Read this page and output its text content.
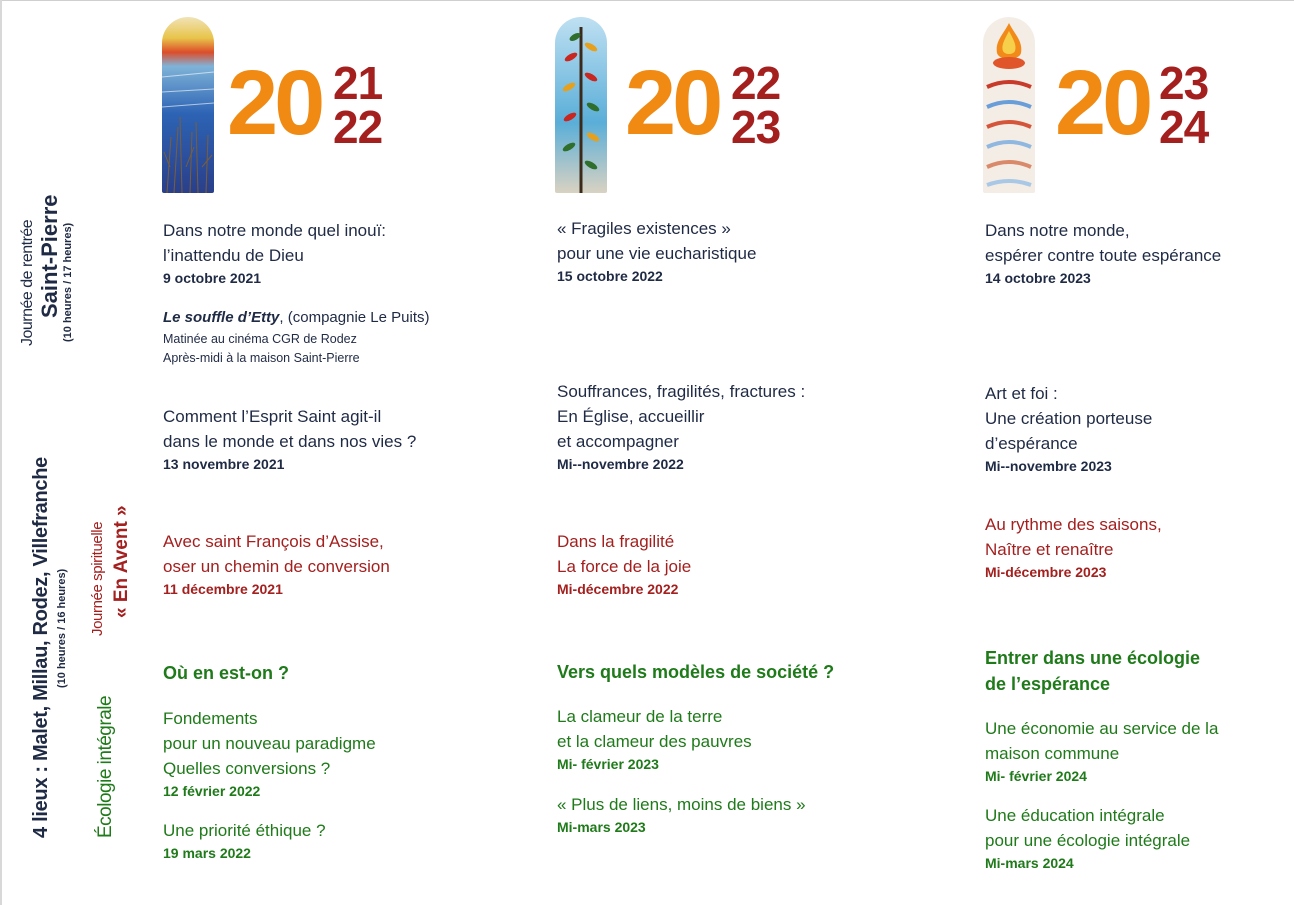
Journée de rentrée Saint-Pierre (10 heures / 17 heures)
4 lieux : Malet, Millau, Rodez, Villefranche (10 heures / 16 heures) Journée spirituelle « En Avent »
Écologie intégrale
20 21
22
Dans notre monde quel inouï:
l’inattendu de Dieu
9 octobre 2021
Le souffle d’Etty, (compagnie Le Puits)
Matinée au cinéma CGR de Rodez
Après-midi à la maison Saint-Pierre
Comment l’Esprit Saint agit-il
dans le monde et dans nos vies ?
13 novembre 2021
Avec saint François d’Assise,
oser un chemin de conversion
11 décembre 2021
Où en est-on ?
Fondements
pour un nouveau paradigme
Quelles conversions ?
12 février 2022
Une priorité éthique ?
19 mars 2022
20 22
23
« Fragiles existences »
pour une vie eucharistique
15 octobre 2022
Souffrances, fragilités, fractures :
En Église, accueillir
et accompagner
Mi--novembre 2022
Dans la fragilité
La force de la joie
Mi-décembre 2022
Vers quels modèles de société ?
La clameur de la terre
et la clameur des pauvres
Mi- février 2023
« Plus de liens, moins de biens »
Mi-mars 2023
20 23
24
Dans notre monde,
espérer contre toute espérance
14 octobre 2023
Art et foi :
Une création porteuse
d’espérance
Mi--novembre 2023
Au rythme des saisons,
Naître et renaître
Mi-décembre 2023
Entrer dans une écologie
de l’espérance
Une économie au service de la
maison commune
Mi- février 2024
Une éducation intégrale
pour une écologie intégrale
Mi-mars 2024
